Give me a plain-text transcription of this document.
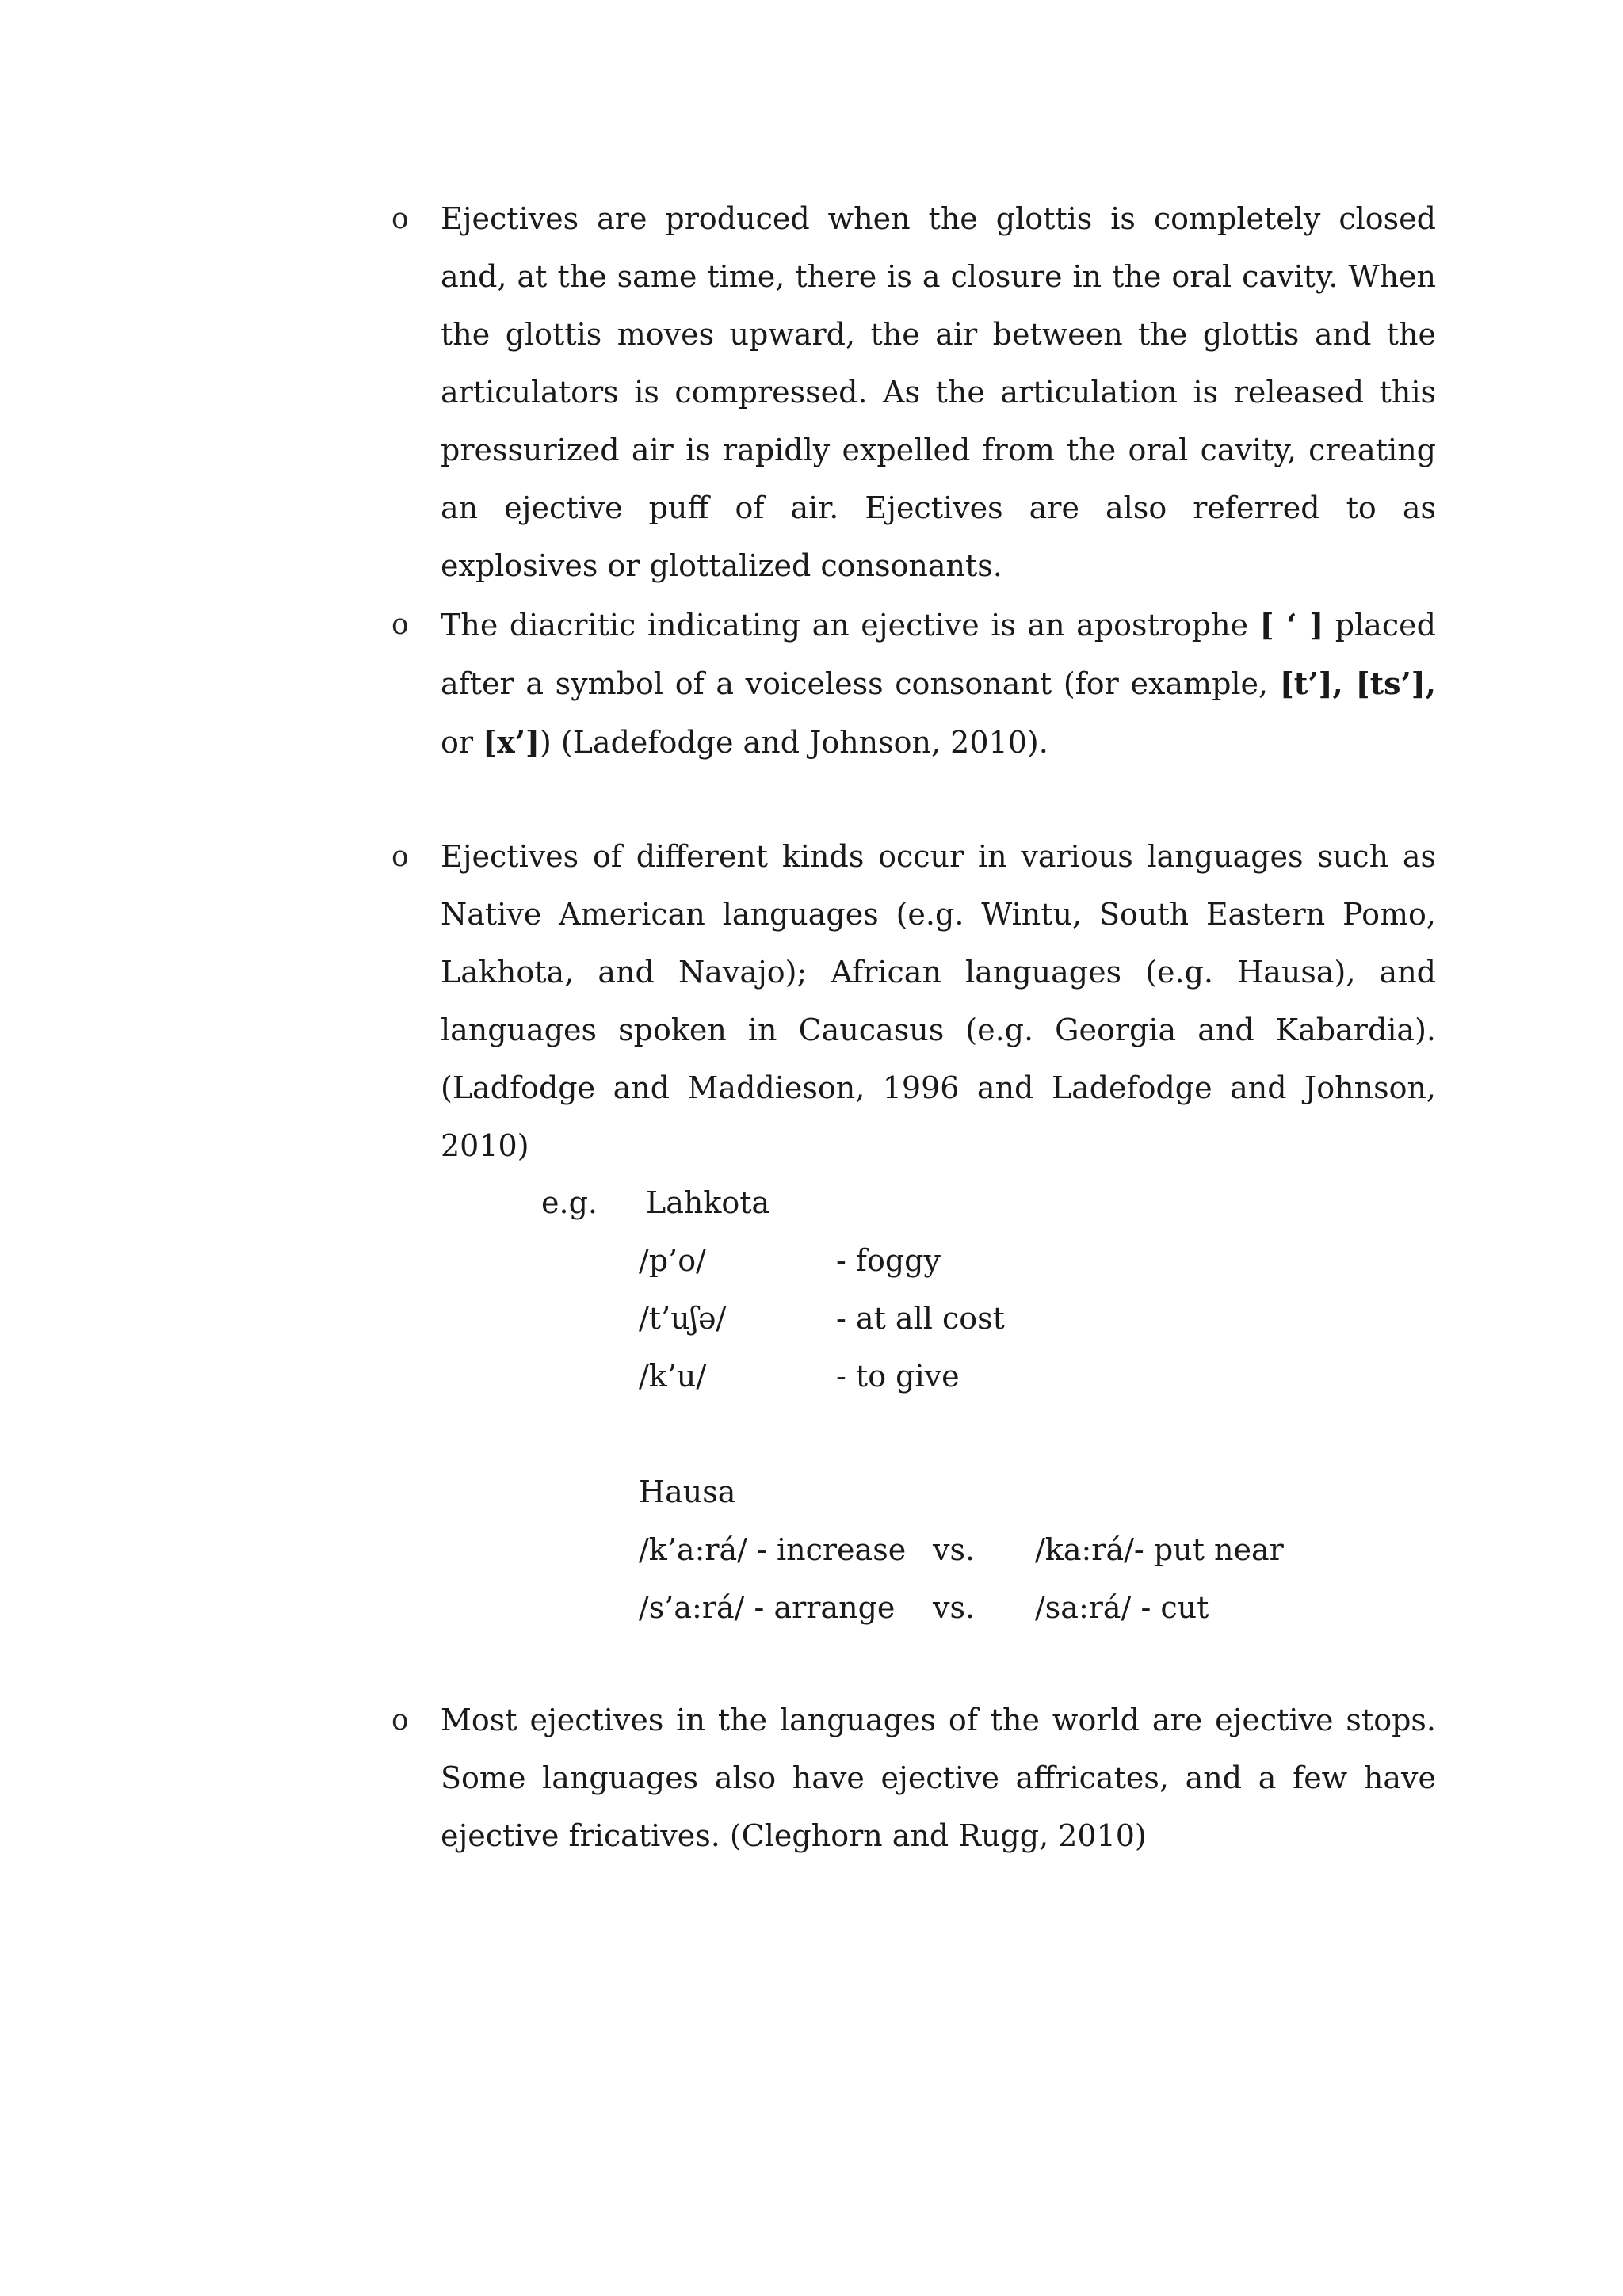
o Ejectives are produced when the glottis is completely closed and, at the same time, there is a closure in the oral cavity. When the glottis moves upward, the air between the glottis and the articulators is compressed. As the articulation is released this pressurized air is rapidly expelled from the oral cavity, creating an ejective puff of air. Ejectives are also referred to as explosives or glottalized consonants.

o The diacritic indicating an ejective is an apostrophe [ ‘ ] placed after a symbol of a voiceless consonant (for example, [t’], [ts’], or [x’]) (Ladefodge and Johnson, 2010).

o Ejectives of different kinds occur in various languages such as Native American languages (e.g. Wintu, South Eastern Pomo, Lakhota, and Navajo); African languages (e.g. Hausa), and languages spoken in Caucasus (e.g. Georgia and Kabardia). (Ladfodge and Maddieson, 1996 and Ladefodge and Johnson, 2010)

e.g. Lahkota
/p’o/	- foggy
/t’uʃə/	- at all cost
/k’u/	- to give
Hausa
/k’a:rá/ - increase vs. /ka:rá/- put near
/s’a:rá/ - arrange vs. /sa:rá/ - cut
o Most ejectives in the languages of the world are ejective stops. Some languages also have ejective affricates, and a few have ejective fricatives. (Cleghorn and Rugg, 2010)
